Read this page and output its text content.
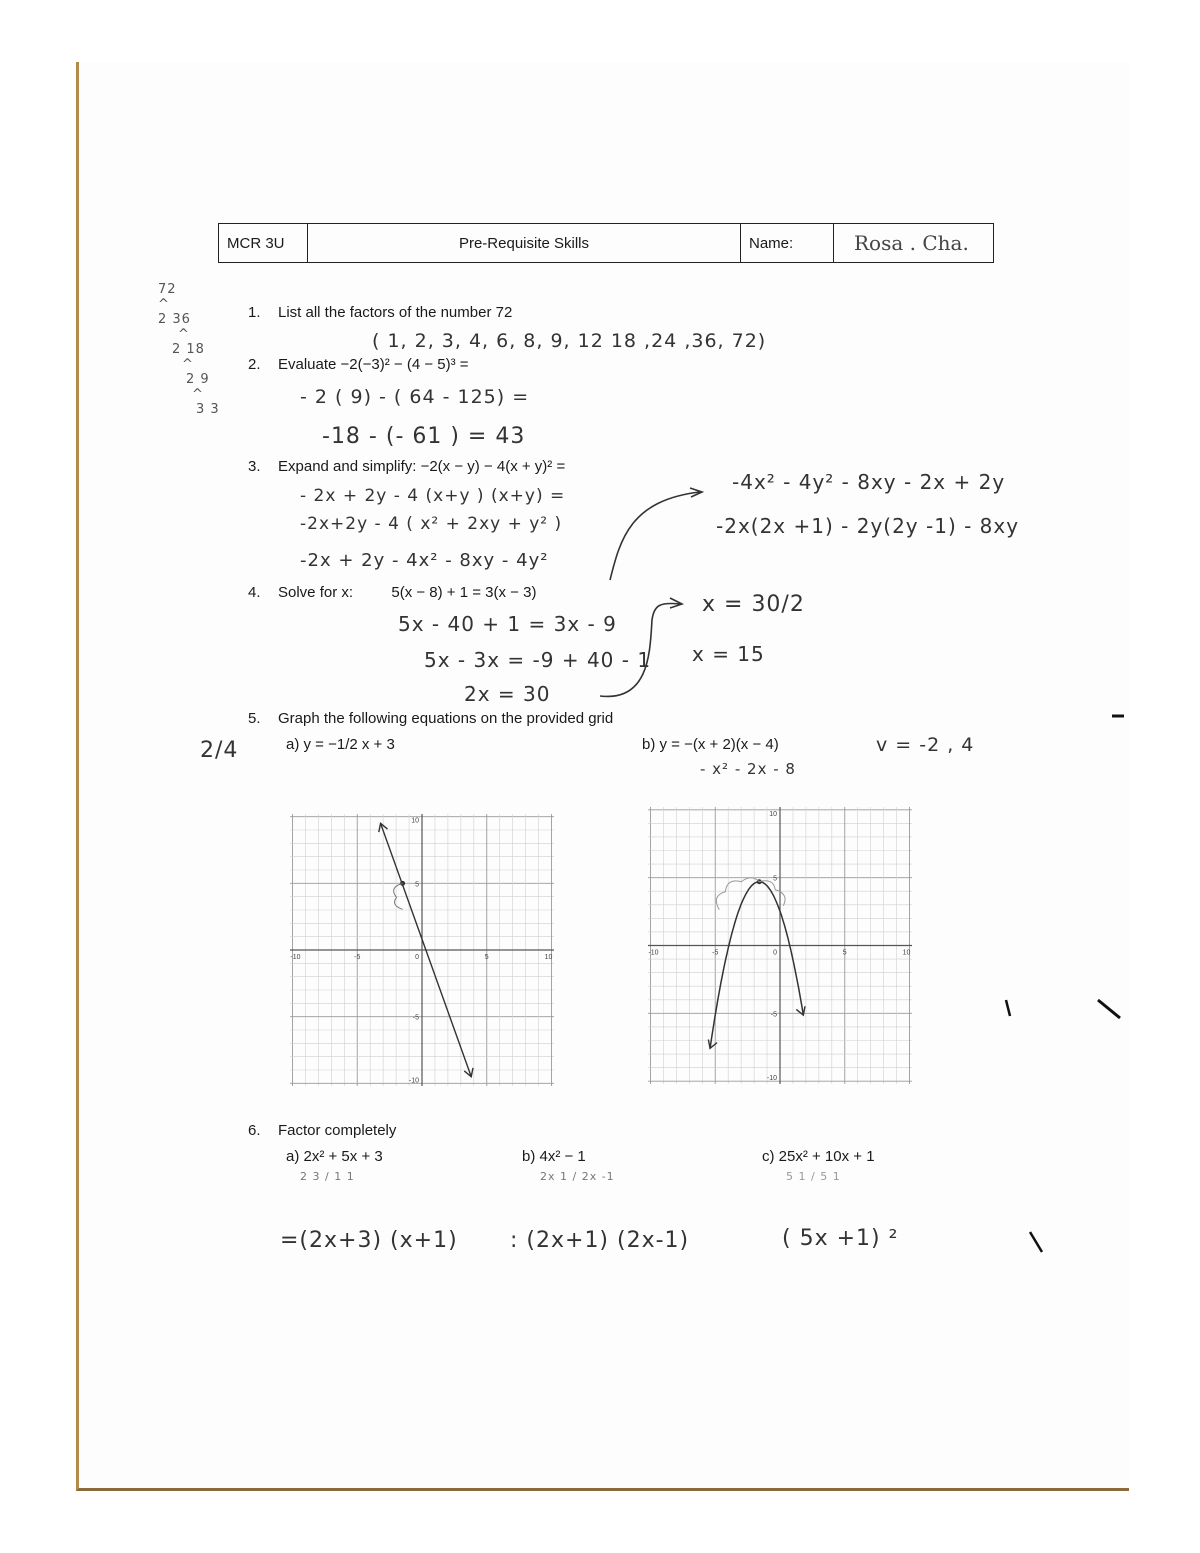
MCR 3U	Pre-Requisite Skills	Name:	Rosa . Cha.
72
^
2 36
^
2 18
^
2 9
^
3 3
2/4
1. List all the factors of the number 72
( 1, 2, 3, 4, 6, 8, 9, 12 18 ,24 ,36, 72)
2. Evaluate −2(−3)² − (4 − 5)³ =
- 2 ( 9) - ( 64 - 125) =
-18 - (- 61 ) = 43
3. Expand and simplify: −2(x − y) − 4(x + y)² =
- 2x + 2y - 4 (x+y ) (x+y) =
-2x+2y - 4 ( x² + 2xy + y² )
-2x + 2y - 4x² - 8xy - 4y²
-4x² - 4y² - 8xy - 2x + 2y
-2x(2x +1) - 2y(2y -1) - 8xy
4. Solve for x:	5(x − 8) + 1 = 3(x − 3)
5x - 40 + 1 = 3x - 9
5x - 3x = -9 + 40 - 1
2x = 30
x = 30/2
x = 15
5. Graph the following equations on the provided grid
a) y = −1/2 x + 3	b) y = −(x + 2)(x − 4)
- x² - 2x - 8
v = -2 , 4
-10	-5	0	5	10
10
5
-5
-10
-10	-5	0	5	10
10
5
-5
-10
6. Factor completely
a) 2x² + 5x + 3	b) 4x² − 1	c) 25x² + 10x + 1
2 3 / 1 1	2x 1 / 2x -1	5 1 / 5 1
=(2x+3) (x+1) : (2x+1) (2x-1)	( 5x +1) ²
